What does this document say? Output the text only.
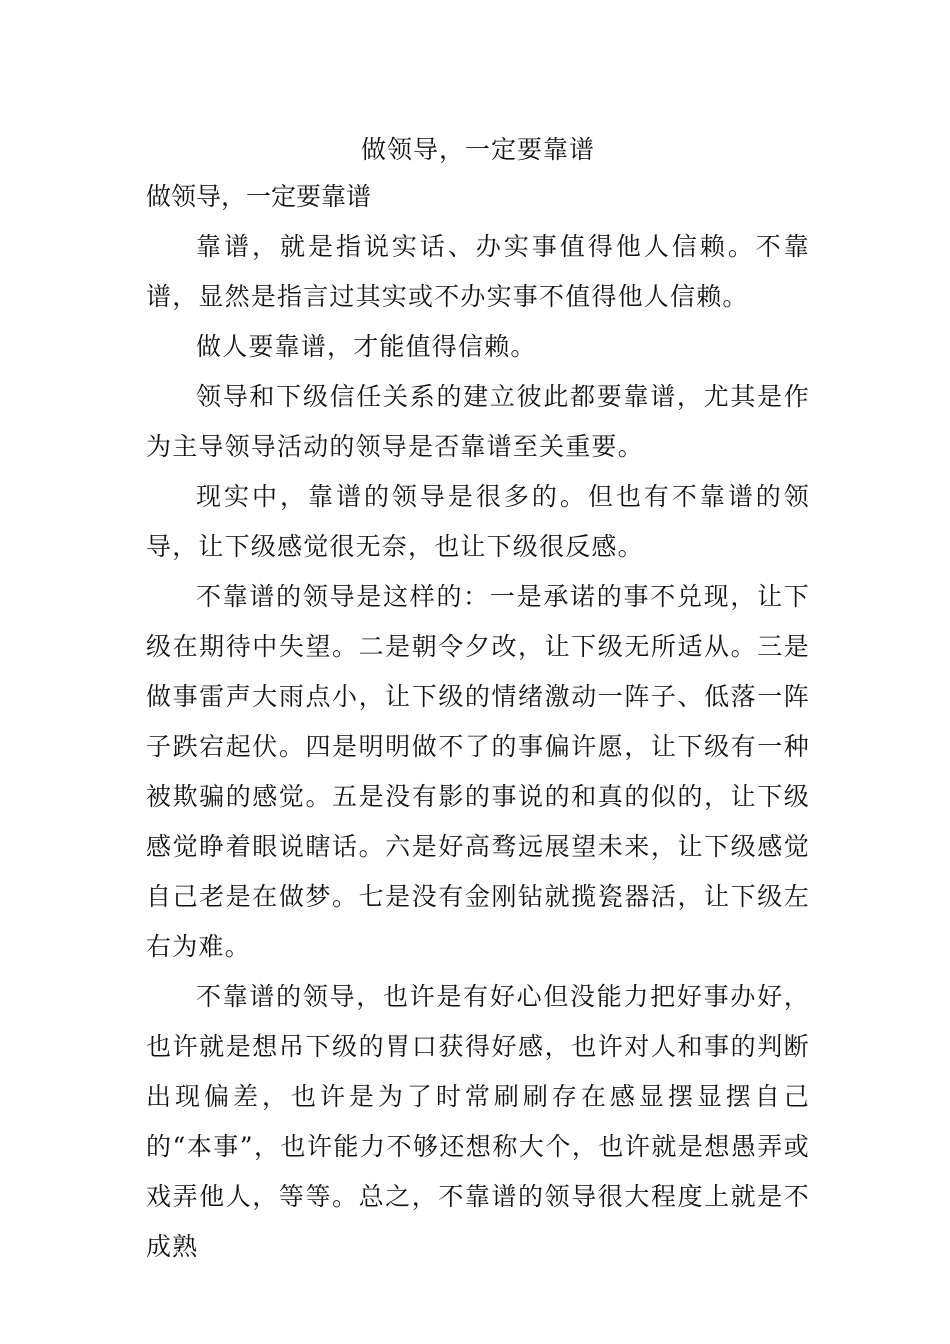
做领导，一定要靠谱
做领导，一定要靠谱

靠谱，就是指说实话、办实事值得他人信赖。不靠谱，显然是指言过其实或不办实事不值得他人信赖。

做人要靠谱，才能值得信赖。

领导和下级信任关系的建立彼此都要靠谱，尤其是作为主导领导活动的领导是否靠谱至关重要。

现实中，靠谱的领导是很多的。但也有不靠谱的领导，让下级感觉很无奈，也让下级很反感。

不靠谱的领导是这样的：一是承诺的事不兑现，让下级在期待中失望。二是朝令夕改，让下级无所适从。三是做事雷声大雨点小，让下级的情绪激动一阵子、低落一阵子跌宕起伏。四是明明做不了的事偏许愿，让下级有一种被欺骗的感觉。五是没有影的事说的和真的似的，让下级感觉睁着眼说瞎话。六是好高骛远展望未来，让下级感觉自己老是在做梦。七是没有金刚钻就揽瓷器活，让下级左右为难。

不靠谱的领导，也许是有好心但没能力把好事办好，也许就是想吊下级的胃口获得好感，也许对人和事的判断出现偏差，也许是为了时常刷刷存在感显摆显摆自己的“本事”，也许能力不够还想称大个，也许就是想愚弄或戏弄他人，等等。总之，不靠谱的领导很大程度上就是不成熟
